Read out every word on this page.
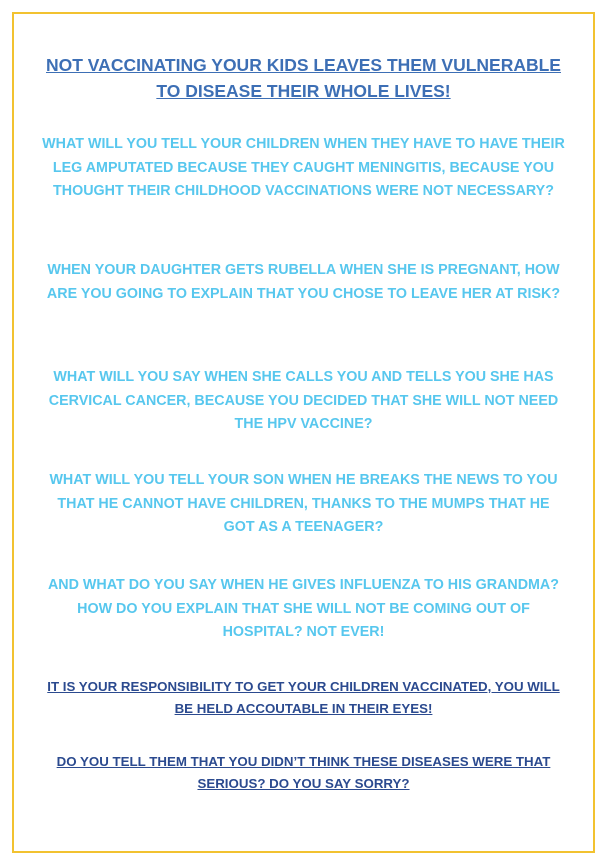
NOT VACCINATING YOUR KIDS LEAVES THEM VULNERABLE TO DISEASE THEIR WHOLE LIVES!

WHAT WILL YOU TELL YOUR CHILDREN WHEN THEY HAVE TO HAVE THEIR LEG AMPUTATED BECAUSE THEY CAUGHT MENINGITIS, BECAUSE YOU THOUGHT THEIR CHILDHOOD VACCINATIONS WERE NOT NECESSARY?

WHEN YOUR DAUGHTER GETS RUBELLA WHEN SHE IS PREGNANT, HOW ARE YOU GOING TO EXPLAIN THAT YOU CHOSE TO LEAVE HER AT RISK?

WHAT WILL YOU SAY WHEN SHE CALLS YOU AND TELLS YOU SHE HAS CERVICAL CANCER, BECAUSE YOU DECIDED THAT SHE WILL NOT NEED THE HPV VACCINE?

WHAT WILL YOU TELL YOUR SON WHEN HE BREAKS THE NEWS TO YOU THAT HE CANNOT HAVE CHILDREN, THANKS TO THE MUMPS THAT HE GOT AS A TEENAGER?

AND WHAT DO YOU SAY WHEN HE GIVES INFLUENZA TO HIS GRANDMA? HOW DO YOU EXPLAIN THAT SHE WILL NOT BE COMING OUT OF HOSPITAL? NOT EVER!

IT IS YOUR RESPONSIBILITY TO GET YOUR CHILDREN VACCINATED, YOU WILL BE HELD ACCOUTABLE IN THEIR EYES!

DO YOU TELL THEM THAT YOU DIDN’T THINK THESE DISEASES WERE THAT SERIOUS? DO YOU SAY SORRY?
